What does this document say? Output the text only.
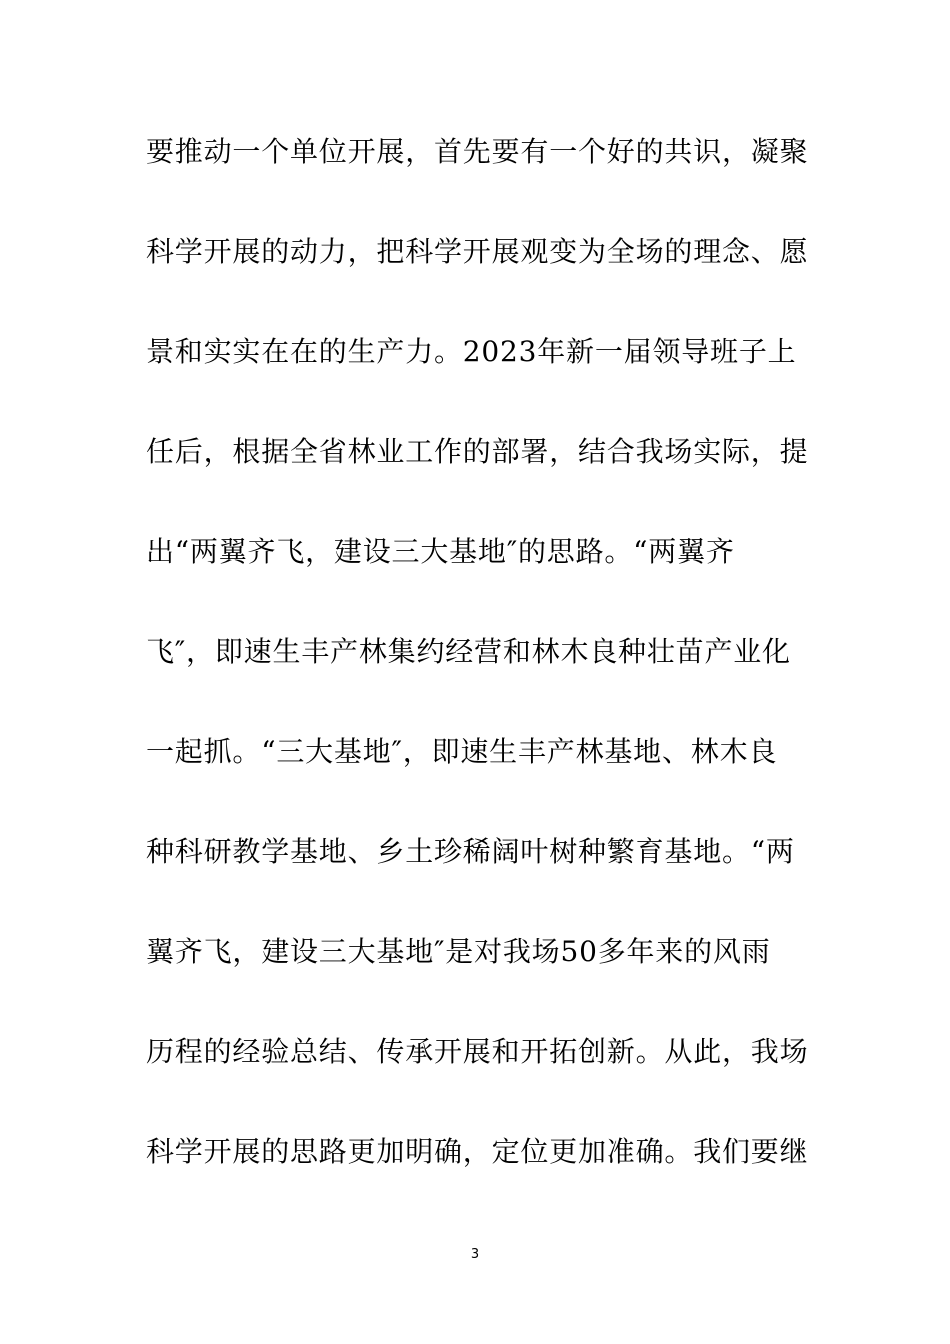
要推动一个单位开展，首先要有一个好的共识，凝聚
科学开展的动力，把科学开展观变为全场的理念、愿
景和实实在在的生产力。2023年新一届领导班子上
任后，根据全省林业工作的部署，结合我场实际，提
出“两翼齐飞，建设三大基地″的思路。“两翼齐
飞″，即速生丰产林集约经营和林木良种壮苗产业化
一起抓。“三大基地″，即速生丰产林基地、林木良
种科研教学基地、乡土珍稀阔叶树种繁育基地。“两
翼齐飞，建设三大基地″是对我场50多年来的风雨
历程的经验总结、传承开展和开拓创新。从此，我场
科学开展的思路更加明确，定位更加准确。我们要继
3
